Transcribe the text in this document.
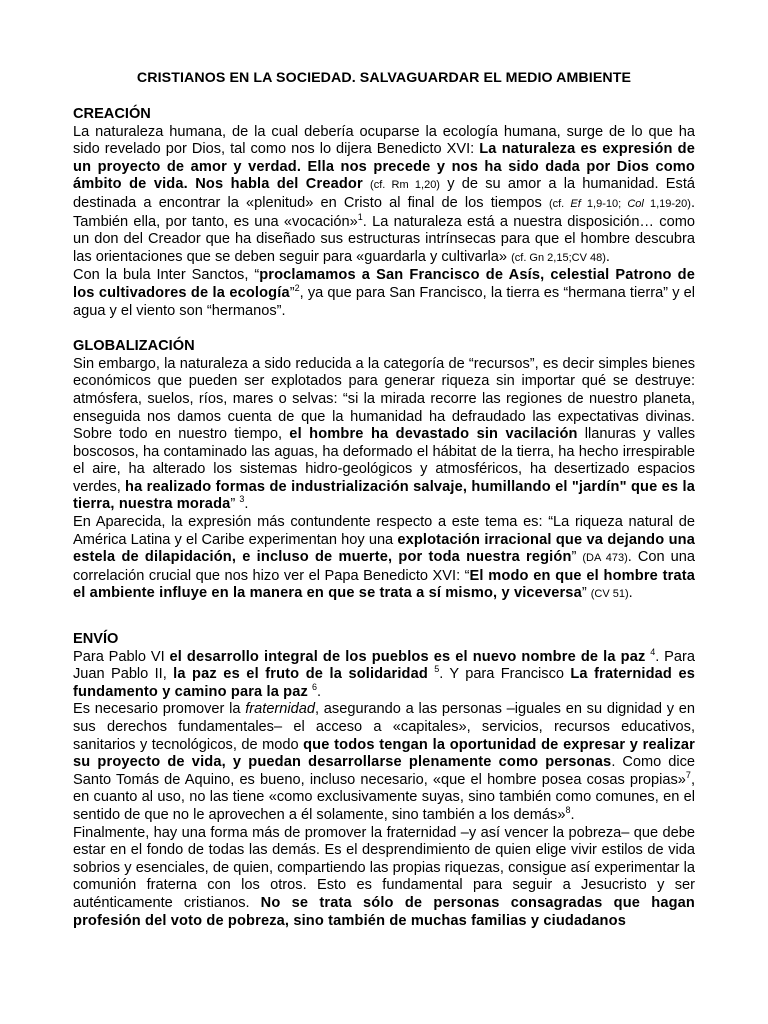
CRISTIANOS EN LA SOCIEDAD. SALVAGUARDAR EL MEDIO AMBIENTE
CREACIÓN

La naturaleza humana, de la cual debería ocuparse la ecología humana, surge de lo que ha sido revelado por Dios, tal como nos lo dijera Benedicto XVI: La naturaleza es expresión de un proyecto de amor y verdad. Ella nos precede y nos ha sido dada por Dios como ámbito de vida. Nos habla del Creador (cf. Rm 1,20) y de su amor a la humanidad. Está destinada a encontrar la «plenitud» en Cristo al final de los tiempos (cf. Ef 1,9-10; Col 1,19-20). También ella, por tanto, es una «vocación»$^1$. La naturaleza está a nuestra disposición… como un don del Creador que ha diseñado sus estructuras intrínsecas para que el hombre descubra las orientaciones que se deben seguir para «guardarla y cultivarla» (cf. Gn 2,15;CV 48).

Con la bula Inter Sanctos, “proclamamos a San Francisco de Asís, celestial Patrono de los cultivadores de la ecología”$^2$, ya que para San Francisco, la tierra es “hermana tierra” y el agua y el viento son “hermanos”.

GLOBALIZACIÓN

Sin embargo, la naturaleza a sido reducida a la categoría de “recursos”, es decir simples bienes económicos que pueden ser explotados para generar riqueza sin importar qué se destruye: atmósfera, suelos, ríos, mares o selvas: “si la mirada recorre las regiones de nuestro planeta, enseguida nos damos cuenta de que la humanidad ha defraudado las expectativas divinas. Sobre todo en nuestro tiempo, el hombre ha devastado sin vacilación llanuras y valles boscosos, ha contaminado las aguas, ha deformado el hábitat de la tierra, ha hecho irrespirable el aire, ha alterado los sistemas hidro-geológicos y atmosféricos, ha desertizado espacios verdes, ha realizado formas de industrialización salvaje, humillando el "jardín" que es la tierra, nuestra morada” $^3$.

En Aparecida, la expresión más contundente respecto a este tema es: “La riqueza natural de América Latina y el Caribe experimentan hoy una explotación irracional que va dejando una estela de dilapidación, e incluso de muerte, por toda nuestra región” (DA 473). Con una correlación crucial que nos hizo ver el Papa Benedicto XVI: “El modo en que el hombre trata el ambiente influye en la manera en que se trata a sí mismo, y viceversa” (CV 51).

ENVÍO

Para Pablo VI el desarrollo integral de los pueblos es el nuevo nombre de la paz $^4$. Para Juan Pablo II, la paz es el fruto de la solidaridad $^5$. Y para Francisco La fraternidad es fundamento y camino para la paz $^6$.

Es necesario promover la fraternidad, asegurando a las personas –iguales en su dignidad y en sus derechos fundamentales– el acceso a «capitales», servicios, recursos educativos, sanitarios y tecnológicos, de modo que todos tengan la oportunidad de expresar y realizar su proyecto de vida, y puedan desarrollarse plenamente como personas. Como dice Santo Tomás de Aquino, es bueno, incluso necesario, «que el hombre posea cosas propias»$^7$, en cuanto al uso, no las tiene «como exclusivamente suyas, sino también como comunes, en el sentido de que no le aprovechen a él solamente, sino también a los demás»$^8$.

Finalmente, hay una forma más de promover la fraternidad –y así vencer la pobreza– que debe estar en el fondo de todas las demás. Es el desprendimiento de quien elige vivir estilos de vida sobrios y esenciales, de quien, compartiendo las propias riquezas, consigue así experimentar la comunión fraterna con los otros. Esto es fundamental para seguir a Jesucristo y ser auténticamente cristianos. No se trata sólo de personas consagradas que hagan profesión del voto de pobreza, sino también de muchas familias y ciudadanos
